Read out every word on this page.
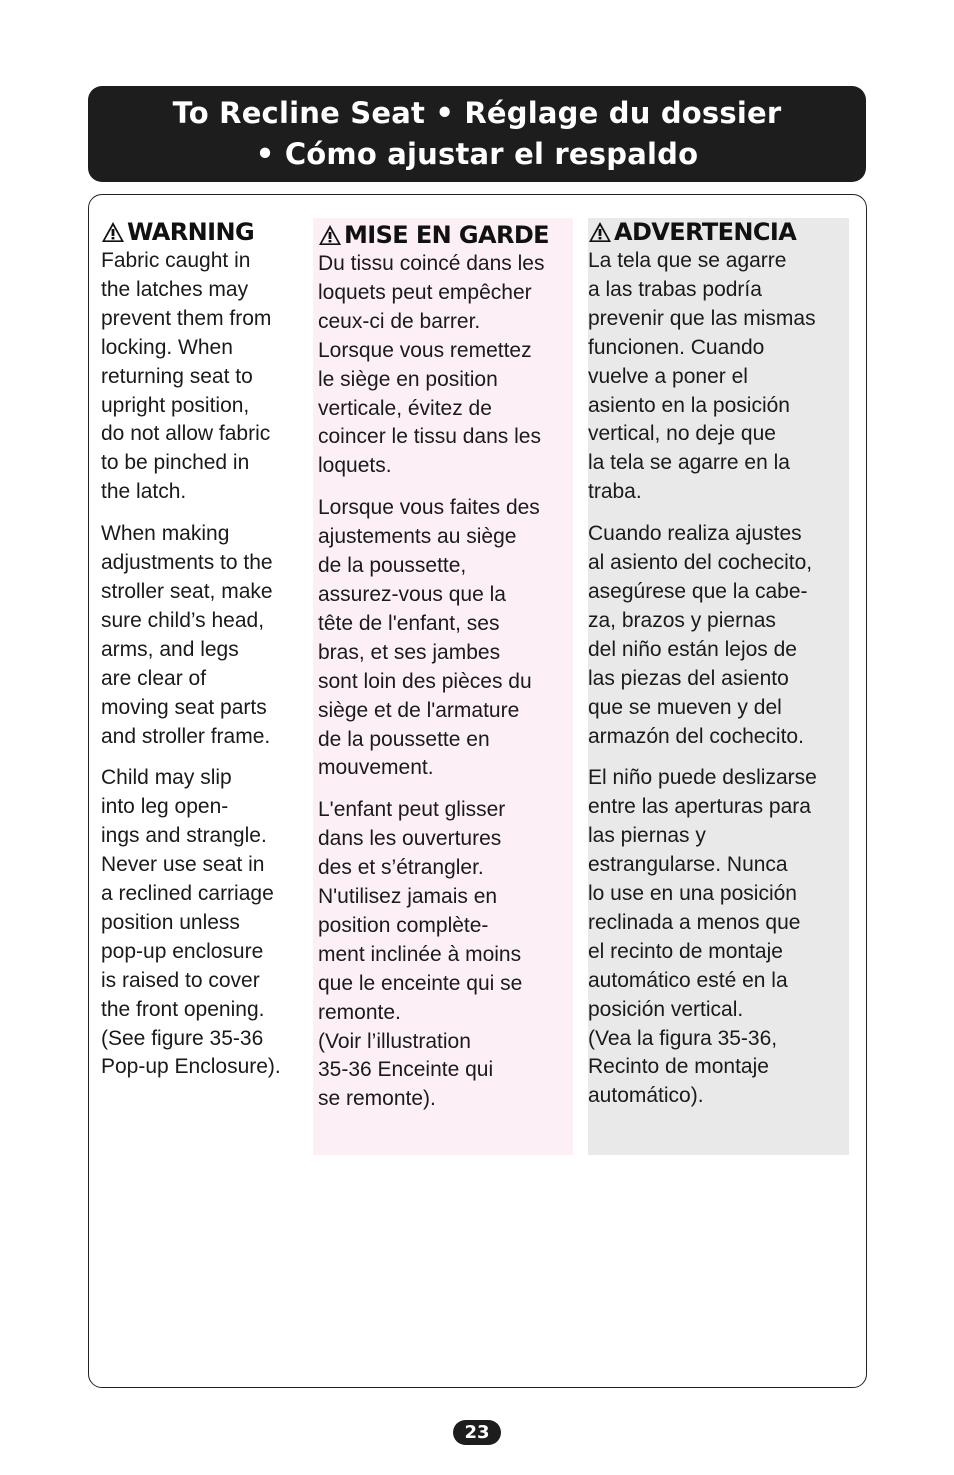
To Recline Seat • Réglage du dossier
• Cómo ajustar el respaldo
WARNING

Fabric caught in
the latches may
prevent them from
locking. When
returning seat to
upright position,
do not allow fabric
to be pinched in
the latch.

When making
adjustments to the
stroller seat, make
sure child’s head,
arms, and legs
are clear of
moving seat parts
and stroller frame.

Child may slip
into leg open-
ings and strangle.
Never use seat in
a reclined carriage
position unless
pop-up enclosure
is raised to cover
the front opening.
(See figure 35-36
Pop-up Enclosure).

MISE EN GARDE

Du tissu coincé dans les
loquets peut empêcher
ceux-ci de barrer.
Lorsque vous remettez
le siège en position
verticale, évitez de
coincer le tissu dans les
loquets.

Lorsque vous faites des
ajustements au siège
de la poussette,
assurez-vous que la
tête de l'enfant, ses
bras, et ses jambes
sont loin des pièces du
siège et de l'armature
de la poussette en
mouvement.

L'enfant peut glisser
dans les ouvertures
des et s’étrangler.
N'utilisez jamais en
position complète-
ment inclinée à moins
que le enceinte qui se
remonte.
(Voir l’illustration
35-36 Enceinte qui
se remonte).

ADVERTENCIA

La tela que se agarre
a las trabas podría
prevenir que las mismas
funcionen. Cuando
vuelve a poner el
asiento en la posición
vertical, no deje que
la tela se agarre en la
traba.

Cuando realiza ajustes
al asiento del cochecito,
asegúrese que la cabe-
za, brazos y piernas
del niño están lejos de
las piezas del asiento
que se mueven y del
armazón del cochecito.

El niño puede deslizarse
entre las aperturas para
las piernas y
estrangularse. Nunca
lo use en una posición
reclinada a menos que
el recinto de montaje
automático esté en la
posición vertical.
(Vea la figura 35-36,
Recinto de montaje
automático).

23
